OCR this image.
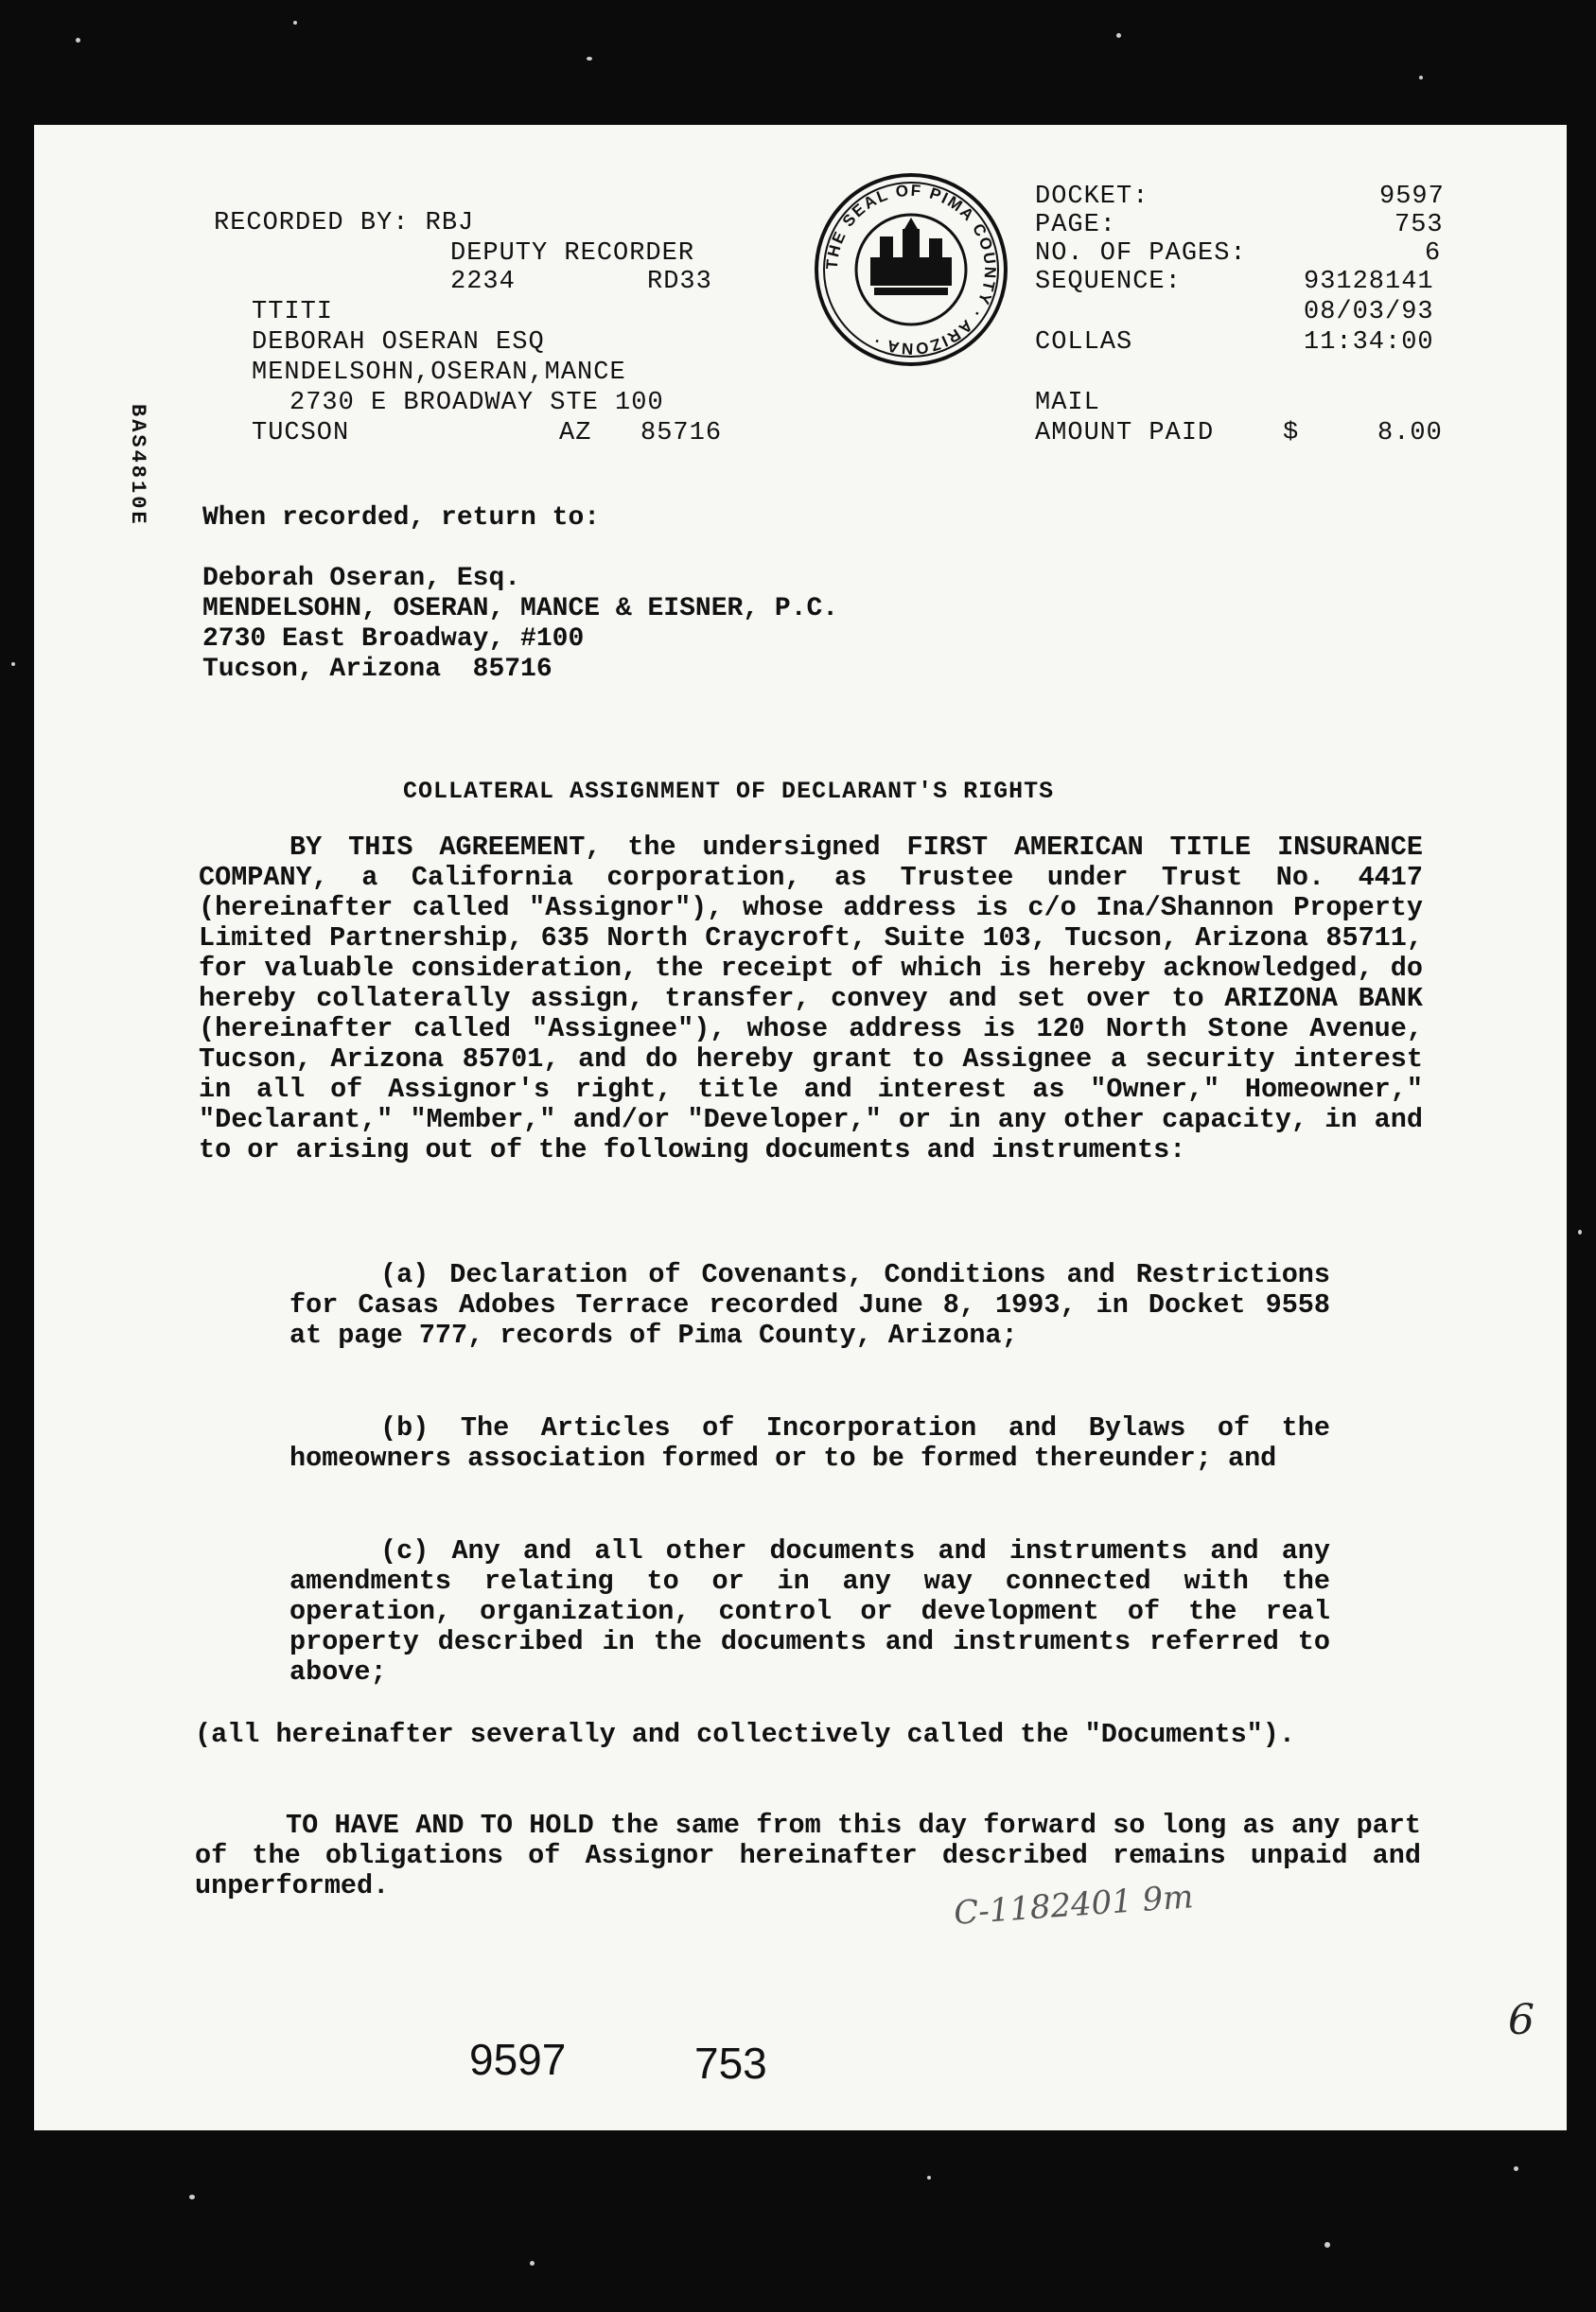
RECORDED BY: RBJ
DEPUTY RECORDER
2234	RD33
TTITI
DEBORAH OSERAN ESQ
MENDELSOHN,OSERAN,MANCE
2730 E BROADWAY STE 100
TUCSON	AZ   85716
BAS4810E
THE SEAL OF PIMA COUNTY · ARIZONA ·
DOCKET:	9597
PAGE:	753
NO. OF PAGES:	6
SEQUENCE:	93128141
08/03/93
COLLAS	11:34:00
MAIL
AMOUNT PAID	$	8.00
When recorded, return to:
Deborah Oseran, Esq.
MENDELSOHN, OSERAN, MANCE & EISNER, P.C.
2730 East Broadway, #100
Tucson, Arizona  85716
COLLATERAL ASSIGNMENT OF DECLARANT'S RIGHTS
BY THIS AGREEMENT, the undersigned FIRST AMERICAN TITLE INSURANCE COMPANY, a California corporation, as Trustee under Trust No. 4417 (hereinafter called "Assignor"), whose address is c/o Ina/Shannon Property Limited Partnership, 635 North Craycroft, Suite 103, Tucson, Arizona 85711, for valuable consideration, the receipt of which is hereby acknowledged, do hereby collaterally assign, transfer, convey and set over to ARIZONA BANK (hereinafter called "Assignee"), whose address is 120 North Stone Avenue, Tucson, Arizona 85701, and do hereby grant to Assignee a security interest in all of Assignor's right, title and interest as "Owner," Homeowner," "Declarant," "Member," and/or "Developer," or in any other capacity, in and to or arising out of the following documents and instruments:
(a) Declaration of Covenants, Conditions and Restrictions for Casas Adobes Terrace recorded June 8, 1993, in Docket 9558 at page 777, records of Pima County, Arizona;
(b) The Articles of Incorporation and Bylaws of the homeowners association formed or to be formed thereunder; and
(c) Any and all other documents and instruments and any amendments relating to or in any way connected with the operation, organization, control or development of the real property described in the documents and instruments referred to above;
(all hereinafter severally and collectively called the "Documents").
TO HAVE AND TO HOLD the same from this day forward so long as any part of the obligations of Assignor hereinafter described remains unpaid and unperformed.	C-1182401 9m
6
9597	753
